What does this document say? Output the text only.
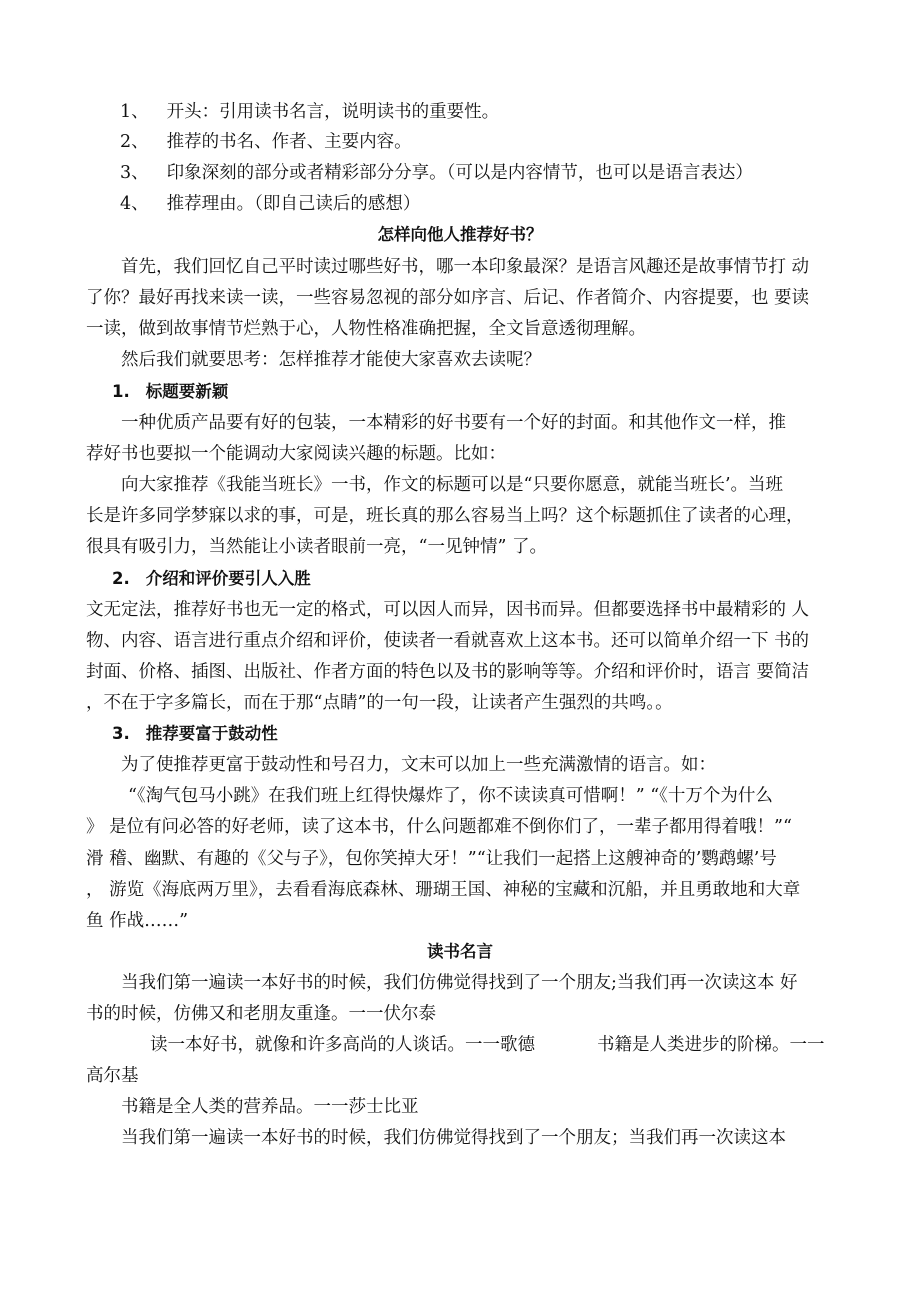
1、 开头：引用读书名言，说明读书的重要性。
2、 推荐的书名、作者、主要内容。
3、 印象深刻的部分或者精彩部分分享。（可以是内容情节，也可以是语言表达）
4、 推荐理由。（即自己读后的感想）
怎样向他人推荐好书？
首先，我们回忆自己平时读过哪些好书，哪一本印象最深？是语言风趣还是故事情节打 动
了你？最好再找来读一读，一些容易忽视的部分如序言、后记、作者简介、内容提要，也 要读
一读，做到故事情节烂熟于心，人物性格准确把握，全文旨意透彻理解。
然后我们就要思考：怎样推荐才能使大家喜欢去读呢？
1. 标题要新颖
一种优质产品要有好的包装，一本精彩的好书要有一个好的封面。和其他作文一样，推
荐好书也要拟一个能调动大家阅读兴趣的标题。比如：
向大家推荐《我能当班长》一书，作文的标题可以是“只要你愿意，就能当班长’。当班
长是许多同学梦寐以求的事，可是，班长真的那么容易当上吗？这个标题抓住了读者的心理，
很具有吸引力，当然能让小读者眼前一亮，“一见钟情” 了。
2. 介绍和评价要引人入胜
文无定法，推荐好书也无一定的格式，可以因人而异，因书而异。但都要选择书中最精彩的 人
物、内容、语言进行重点介绍和评价，使读者一看就喜欢上这本书。还可以简单介绍一下 书的
封面、价格、插图、出版社、作者方面的特色以及书的影响等等。介绍和评价时，语言 要简洁
，不在于字多篇长，而在于那“点睛”的一句一段，让读者产生强烈的共鸣。。
3. 推荐要富于鼓动性
为了使推荐更富于鼓动性和号召力，文末可以加上一些充满激情的语言。如：
“《淘气包马小跳》在我们班上红得快爆炸了，你不读读真可惜啊！” “《十万个为什么
》 是位有问必答的好老师，读了这本书，什么问题都难不倒你们了，一辈子都用得着哦！”“
滑 稽、幽默、有趣的《父与子》，包你笑掉大牙！”“让我们一起搭上这艘神奇的’鹦鹉螺’号
， 游览《海底两万里》，去看看海底森林、珊瑚王国、神秘的宝藏和沉船，并且勇敢地和大章
鱼 作战……”
读书名言
当我们第一遍读一本好书的时候，我们仿佛觉得找到了一个朋友;当我们再一次读这本 好
书的时候，仿佛又和老朋友重逢。一一伏尔泰
读一本好书，就像和许多高尚的人谈话。一一歌德	书籍是人类进步的阶梯。一一
高尔基
书籍是全人类的营养品。一一莎士比亚
当我们第一遍读一本好书的时候，我们仿佛觉得找到了一个朋友；当我们再一次读这本
